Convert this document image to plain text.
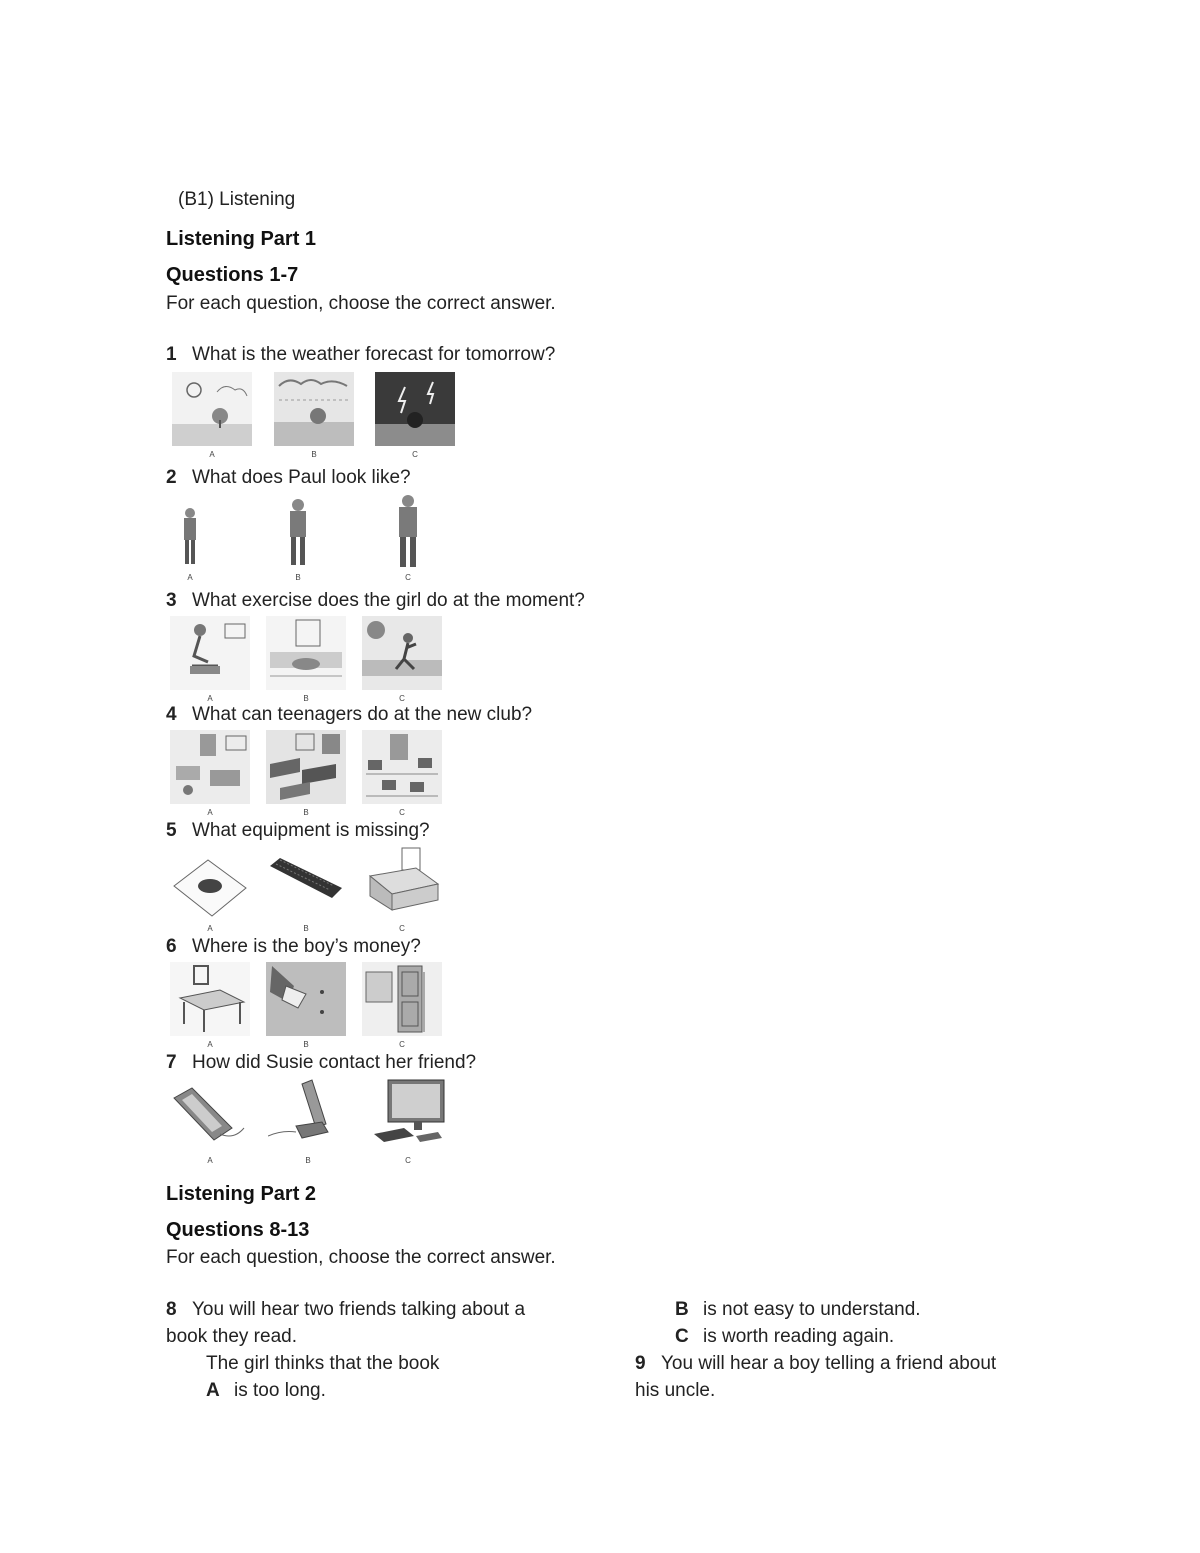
(B1) Listening
Listening Part 1
Questions 1-7
For each question, choose the correct answer.
1 What is the weather forecast for tomorrow?
A	B	C
2 What does Paul look like?
A	B	C
3 What exercise does the girl do at the moment?
A	B	C
4 What can teenagers do at the new club?
A	B	C
5 What equipment is missing?
A	B	C
6 Where is the boy’s money?
A	B	C
7 How did Susie contact her friend?
A	B	C
Listening Part 2
Questions 8-13
For each question, choose the correct answer.
8 You will hear two friends talking about a
book they read.
The girl thinks that the book
A is too long.
B is not easy to understand.
C is worth reading again.
9 You will hear a boy telling a friend about
his uncle.
